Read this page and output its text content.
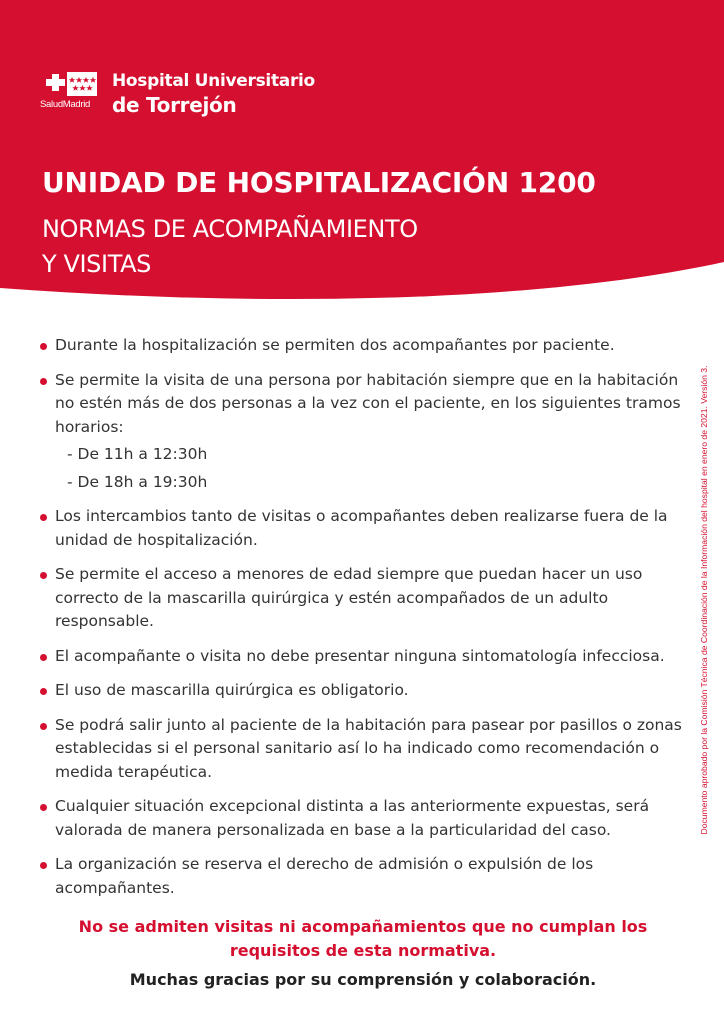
SaludMadrid
Hospital Universitario
de Torrejón
UNIDAD DE HOSPITALIZACIÓN 1200
NORMAS DE ACOMPAÑAMIENTO
Y VISITAS
Durante la hospitalización se permiten dos acompañantes por paciente.
Se permite la visita de una persona por habitación siempre que en la habitación no estén más de dos personas a la vez con el paciente, en los siguientes tramos horarios:
- De 11h a 12:30h
- De 18h a 19:30h
Los intercambios tanto de visitas o acompañantes deben realizarse fuera de la unidad de hospitalización.
Se permite el acceso a menores de edad siempre que puedan hacer un uso correcto de la mascarilla quirúrgica y estén acompañados de un adulto responsable.
El acompañante o visita no debe presentar ninguna sintomatología infecciosa.
El uso de mascarilla quirúrgica es obligatorio.
Se podrá salir junto al paciente de la habitación para pasear por pasillos o zonas establecidas si el personal sanitario así lo ha indicado como recomendación o medida terapéutica.
Cualquier situación excepcional distinta a las anteriormente expuestas, será valorada de manera personalizada en base a la particularidad del caso.
La organización se reserva el derecho de admisión o expulsión de los acompañantes.

No se admiten visitas ni acompañamientos que no cumplan los
requisitos de esta normativa.

Muchas gracias por su comprensión y colaboración.

Documento aprobado por la Comisión Técnica de Coordinación de la Información del hospital en enero de 2021. Versión 3.
